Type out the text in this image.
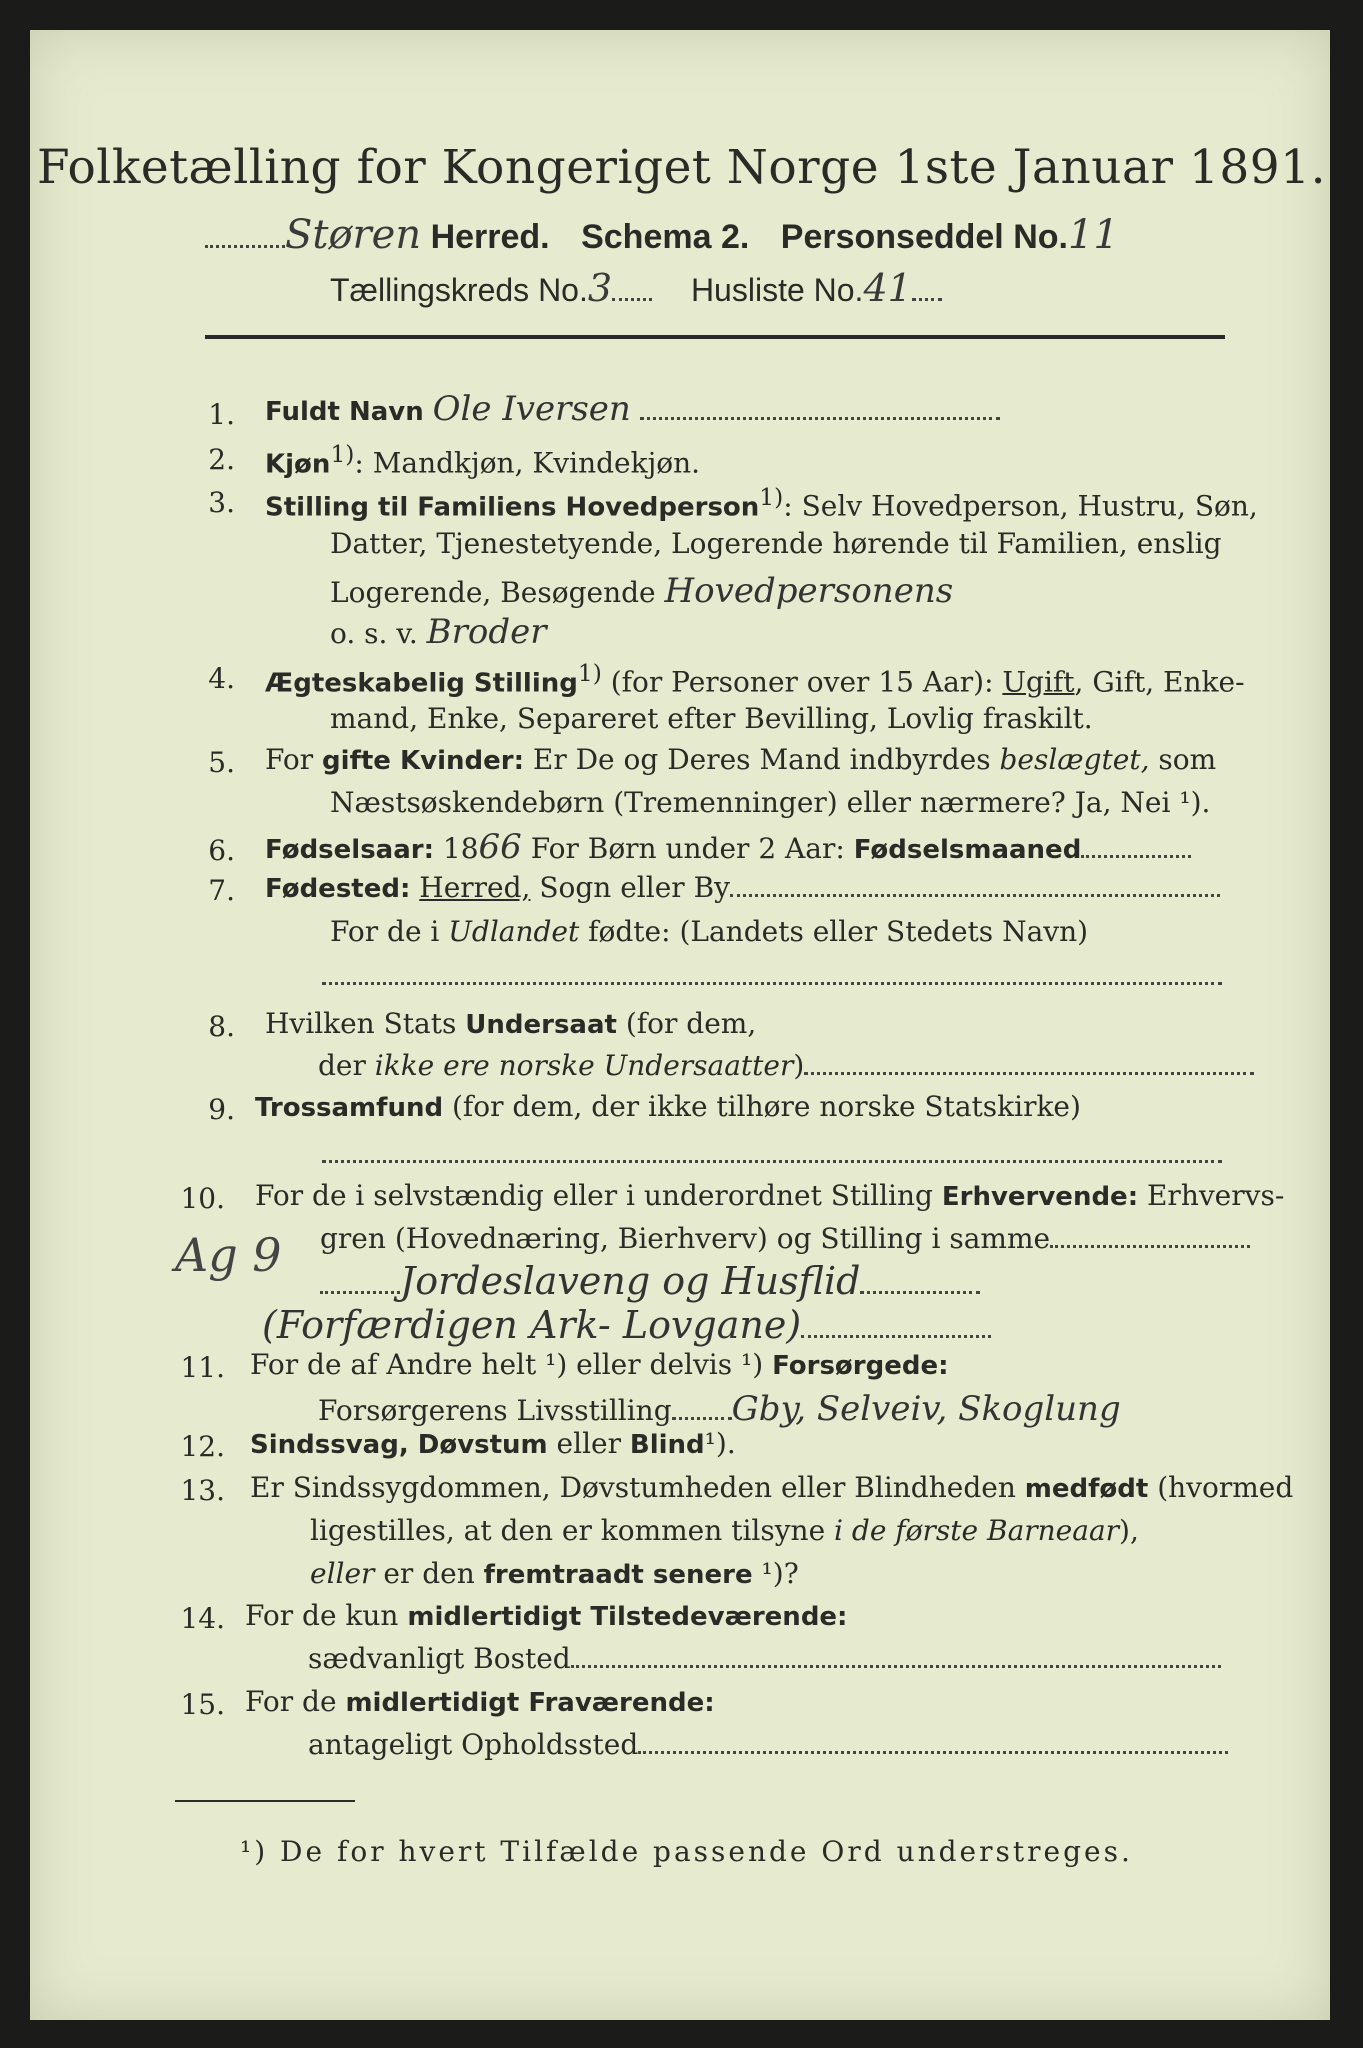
Folketælling for Kongeriget Norge 1ste Januar 1891.
Støren Herred. Schema 2. Personseddel No.11
Tællingskreds No.3 Husliste No.41
1. Fuldt Navn Ole Iversen
2. Kjøn$^{1)}$: Mandkjøn, Kvindekjøn.
3. Stilling til Familiens Hovedperson$^{1)}$: Selv Hovedperson, Hustru, Søn,
Datter, Tjenestetyende, Logerende hørende til Familien, enslig
Logerende, Besøgende Hovedpersonens
o. s. v. Broder
4. Ægteskabelig Stilling$^{1)}$ (for Personer over 15 Aar): Ugift, Gift, Enke-
mand, Enke, Separeret efter Bevilling, Lovlig fraskilt.
5. For gifte Kvinder: Er De og Deres Mand indbyrdes beslægtet, som
Næstsøskendebørn (Tremenninger) eller nærmere? Ja, Nei ¹).
6. Fødselsaar: 1866 For Børn under 2 Aar: Fødselsmaaned
7. Fødested: Herred, Sogn eller By
For de i Udlandet fødte: (Landets eller Stedets Navn)
8. Hvilken Stats Undersaat (for dem,
der ikke ere norske Undersaatter)
9. Trossamfund (for dem, der ikke tilhøre norske Statskirke)
10. For de i selvstændig eller i underordnet Stilling Erhvervende: Erhvervs-
gren (Hovednæring, Bierhverv) og Stilling i samme
Jordeslaveng og Husflid
(Forfærdigen Ark- Lovgane)
Ag 9
11. For de af Andre helt ¹) eller delvis ¹) Forsørgede:
Forsørgerens Livsstilling Gby, Selveiv, Skoglung
12. Sindssvag, Døvstum eller Blind¹).
13. Er Sindssygdommen, Døvstumheden eller Blindheden medfødt (hvormed
ligestilles, at den er kommen tilsyne i de første Barneaar),
eller er den fremtraadt senere ¹)?
14. For de kun midlertidigt Tilstedeværende:
sædvanligt Bosted
15. For de midlertidigt Fraværende:
antageligt Opholdssted
¹) De for hvert Tilfælde passende Ord understreges.
